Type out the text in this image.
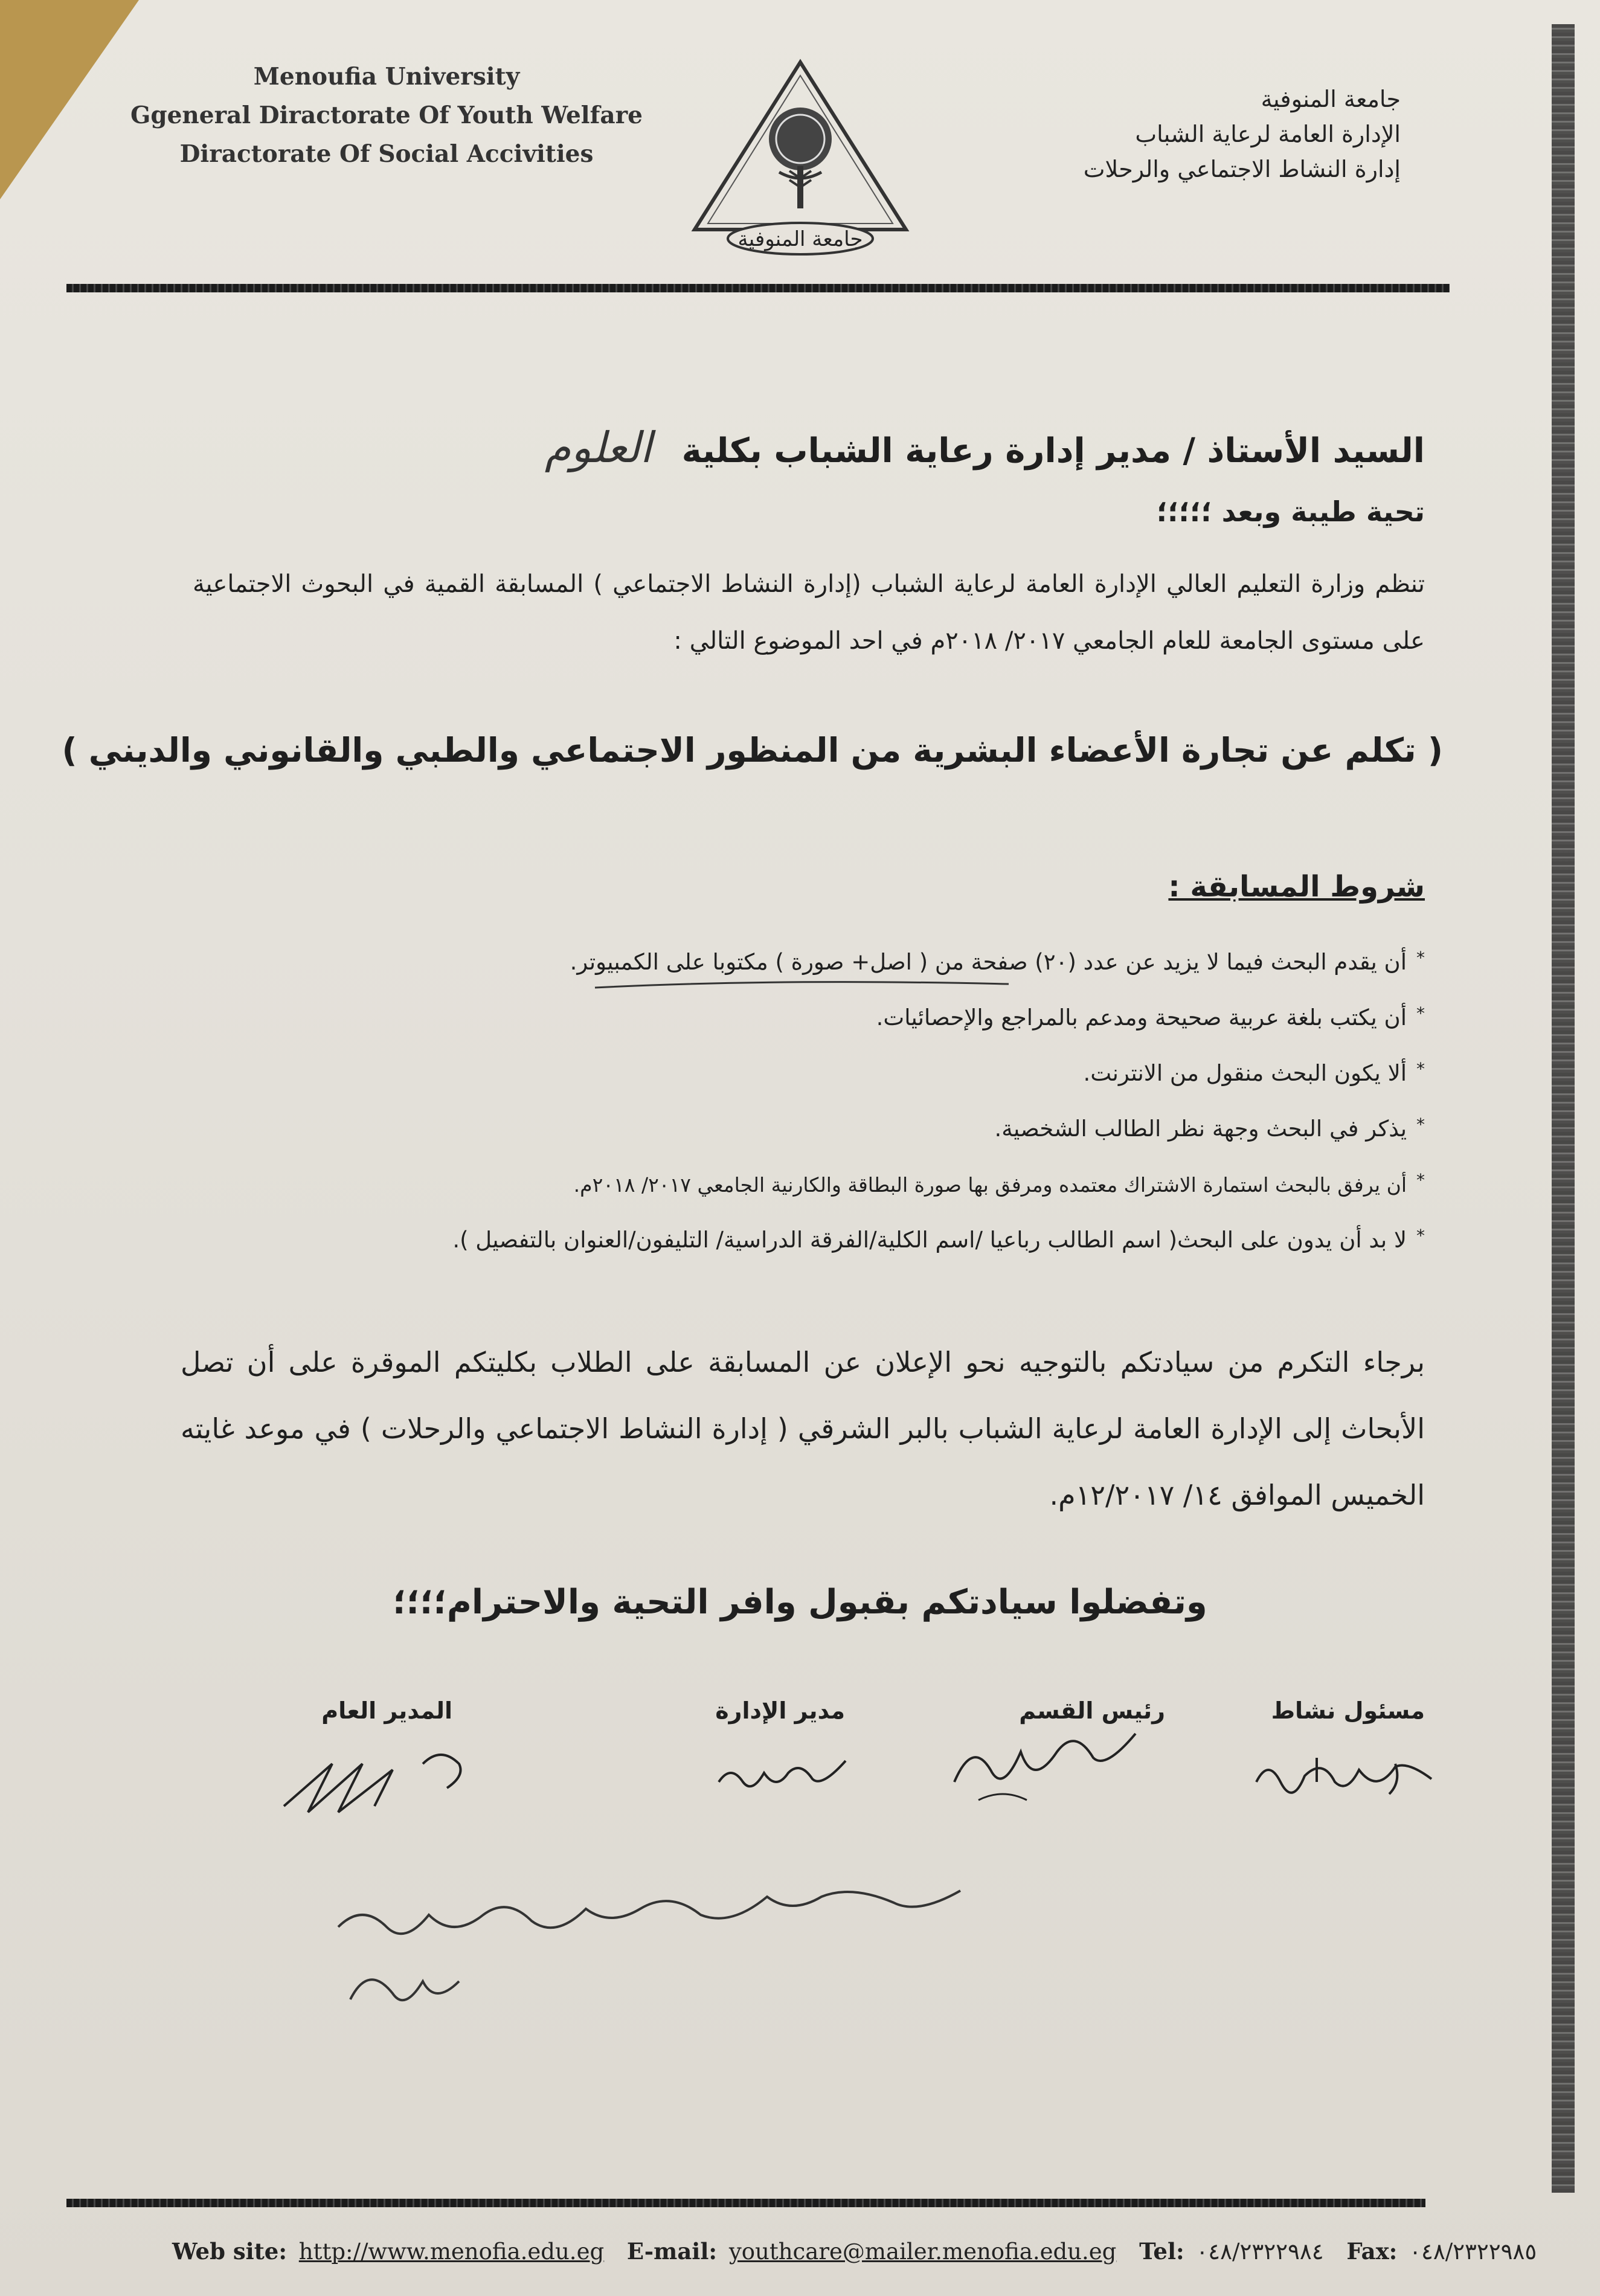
Menoufia University
Ggeneral Diractorate Of Youth Welfare
Diractorate Of Social Accivities
جامعة المنوفية
جامعة المنوفية
الإدارة العامة لرعاية الشباب
إدارة النشاط الاجتماعي والرحلات
السيد الأستاذ / مدير إدارة رعاية الشباب بكلية العلوم
تحية طيبة وبعد ؛؛؛؛؛
تنظم وزارة التعليم العالي الإدارة العامة لرعاية الشباب (إدارة النشاط الاجتماعي ) المسابقة القمية في البحوث الاجتماعية على مستوى الجامعة للعام الجامعي ٢٠١٧/ ٢٠١٨م في احد الموضوع التالي :
( تكلم عن تجارة الأعضاء البشرية من المنظور الاجتماعي والطبي والقانوني والديني )
شروط المسابقة :
*أن يقدم البحث فيما لا يزيد عن عدد (٢٠) صفحة من ( اصل+ صورة ) مكتوبا على الكمبيوتر.
*أن يكتب بلغة عربية صحيحة ومدعم بالمراجع والإحصائيات.
*ألا يكون البحث منقول من الانترنت.
*يذكر في البحث وجهة نظر الطالب الشخصية.
*أن يرفق بالبحث استمارة الاشتراك معتمده ومرفق بها صورة البطاقة والكارنية الجامعي ٢٠١٧/ ٢٠١٨م.
*لا بد أن يدون على البحث( اسم الطالب رباعيا /اسم الكلية/الفرقة الدراسية/ التليفون/العنوان بالتفصيل ).
برجاء التكرم من سيادتكم بالتوجيه نحو الإعلان عن المسابقة على الطلاب بكليتكم الموقرة على أن تصل الأبحاث إلى الإدارة العامة لرعاية الشباب بالبر الشرقي ( إدارة النشاط الاجتماعي والرحلات ) في موعد غايته الخميس الموافق ١٤/ ١٢/٢٠١٧م.
وتفضلوا سيادتكم بقبول وافر التحية والاحترام؛؛؛؛
مسئول نشاط
رئيس القسم
مدير الإدارة
المدير العام
Web site: http://www.menofia.edu.eg E-mail: youthcare@mailer.menofia.edu.eg Tel: ٠٤٨/٢٣٢٢٩٨٤ Fax: ٠٤٨/٢٣٢٢٩٨٥
